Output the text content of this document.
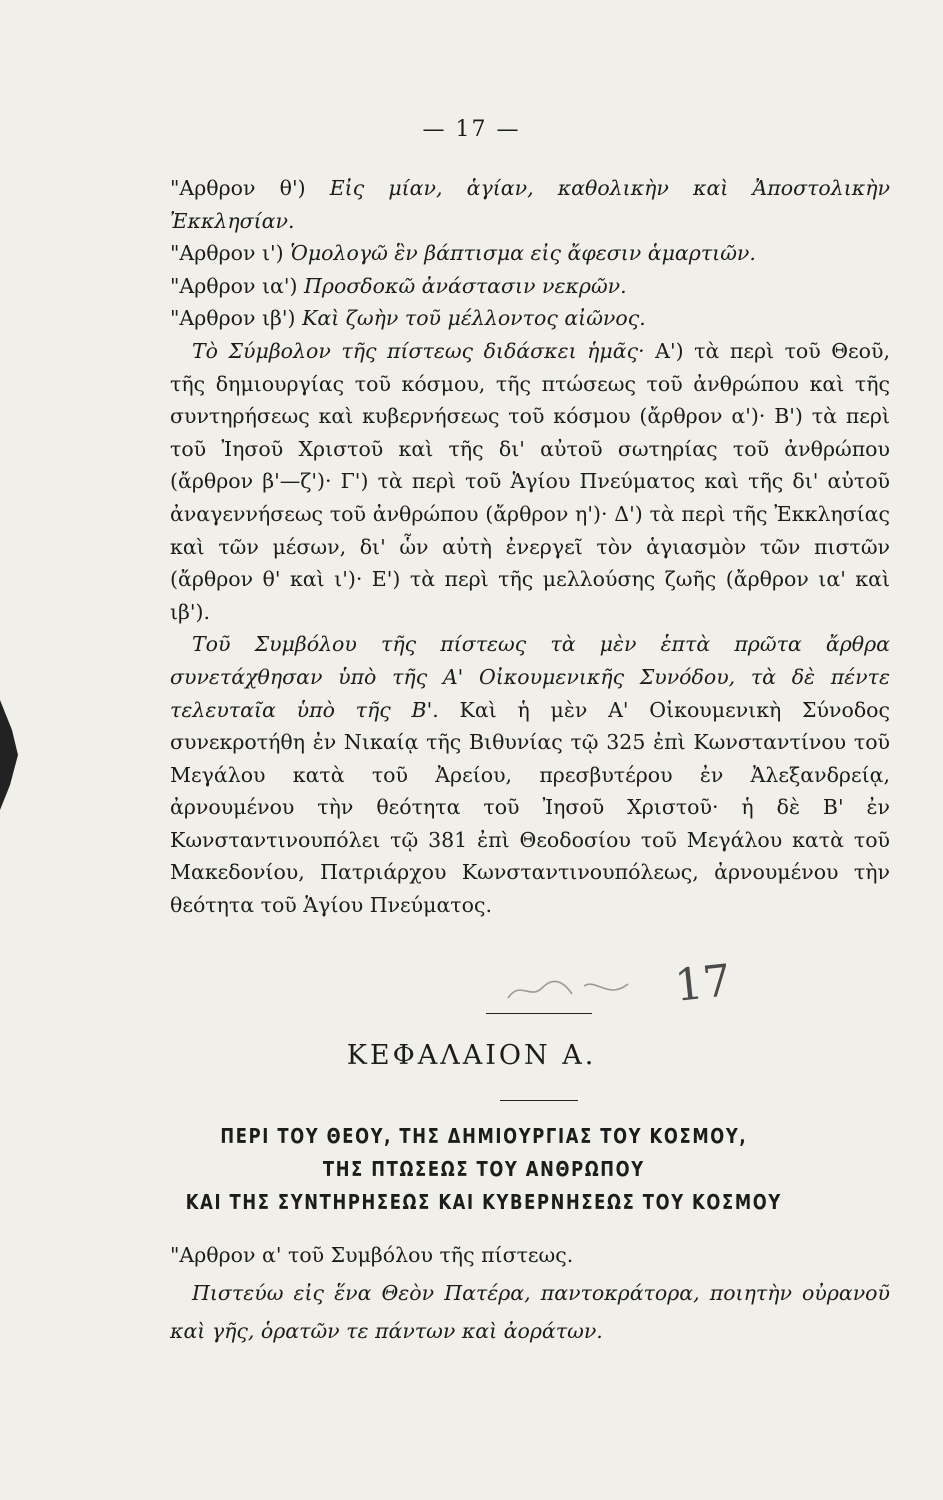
— 17 —

"Αρθρον θ') Εἰς μίαν, ἁγίαν, καθολικὴν καὶ Ἀποστολικὴν Ἐκκλησίαν.

"Αρθρον ι') Ὁμολογῶ ἓν βάπτισμα εἰς ἄφεσιν ἁμαρτιῶν.

"Αρθρον ια') Προσδοκῶ ἀνάστασιν νεκρῶν.

"Αρθρον ιβ') Καὶ ζωὴν τοῦ μέλλοντος αἰῶνος.

Τὸ Σύμβολον τῆς πίστεως διδάσκει ἡμᾶς· Α') τὰ περὶ τοῦ Θεοῦ, τῆς δημιουργίας τοῦ κόσμου, τῆς πτώσεως τοῦ ἀνθρώπου καὶ τῆς συντηρήσεως καὶ κυβερνήσεως τοῦ κόσμου (ἄρθρον α')· Β') τὰ περὶ τοῦ Ἰησοῦ Χριστοῦ καὶ τῆς δι' αὐτοῦ σωτηρίας τοῦ ἀνθρώπου (ἄρθρον β'—ζ')· Γ') τὰ περὶ τοῦ Ἁγίου Πνεύματος καὶ τῆς δι' αὐτοῦ ἀναγεννήσεως τοῦ ἀνθρώπου (ἄρθρον η')· Δ') τὰ περὶ τῆς Ἐκκλησίας καὶ τῶν μέσων, δι' ὧν αὐτὴ ἐνεργεῖ τὸν ἁγιασμὸν τῶν πιστῶν (ἄρθρον θ' καὶ ι')· Ε') τὰ περὶ τῆς μελλούσης ζωῆς (ἄρθρον ια' καὶ ιβ').

Τοῦ Συμβόλου τῆς πίστεως τὰ μὲν ἑπτὰ πρῶτα ἄρθρα συνετάχθησαν ὑπὸ τῆς Α' Οἰκουμενικῆς Συνόδου, τὰ δὲ πέντε τελευταῖα ὑπὸ τῆς Β'. Καὶ ἡ μὲν Α' Οἰκουμενικὴ Σύνοδος συνεκροτήθη ἐν Νικαίᾳ τῆς Βιθυνίας τῷ 325 ἐπὶ Κωνσταντίνου τοῦ Μεγάλου κατὰ τοῦ Ἀρείου, πρεσβυτέρου ἐν Ἀλεξανδρείᾳ, ἀρνουμένου τὴν θεότητα τοῦ Ἰησοῦ Χριστοῦ· ἡ δὲ Β' ἐν Κωνσταντινουπόλει τῷ 381 ἐπὶ Θεοδοσίου τοῦ Μεγάλου κατὰ τοῦ Μακεδονίου, Πατριάρχου Κωνσταντινουπόλεως, ἀρνουμένου τὴν θεότητα τοῦ Ἁγίου Πνεύματος.

17
ΚΕΦΑΛΑΙΟΝ Α.
ΠΕΡΙ ΤΟΥ ΘΕΟΥ, ΤΗΣ ΔΗΜΙΟΥΡΓΙΑΣ ΤΟΥ ΚΟΣΜΟΥ,
ΤΗΣ ΠΤΩΣΕΩΣ ΤΟΥ ΑΝΘΡΩΠΟΥ
ΚΑΙ ΤΗΣ ΣΥΝΤΗΡΗΣΕΩΣ ΚΑΙ ΚΥΒΕΡΝΗΣΕΩΣ ΤΟΥ ΚΟΣΜΟΥ

"Αρθρον α' τοῦ Συμβόλου τῆς πίστεως.

Πιστεύω εἰς ἕνα Θεὸν Πατέρα, παντοκράτορα, ποιητὴν οὐρανοῦ καὶ γῆς, ὁρατῶν τε πάντων καὶ ἀοράτων.
